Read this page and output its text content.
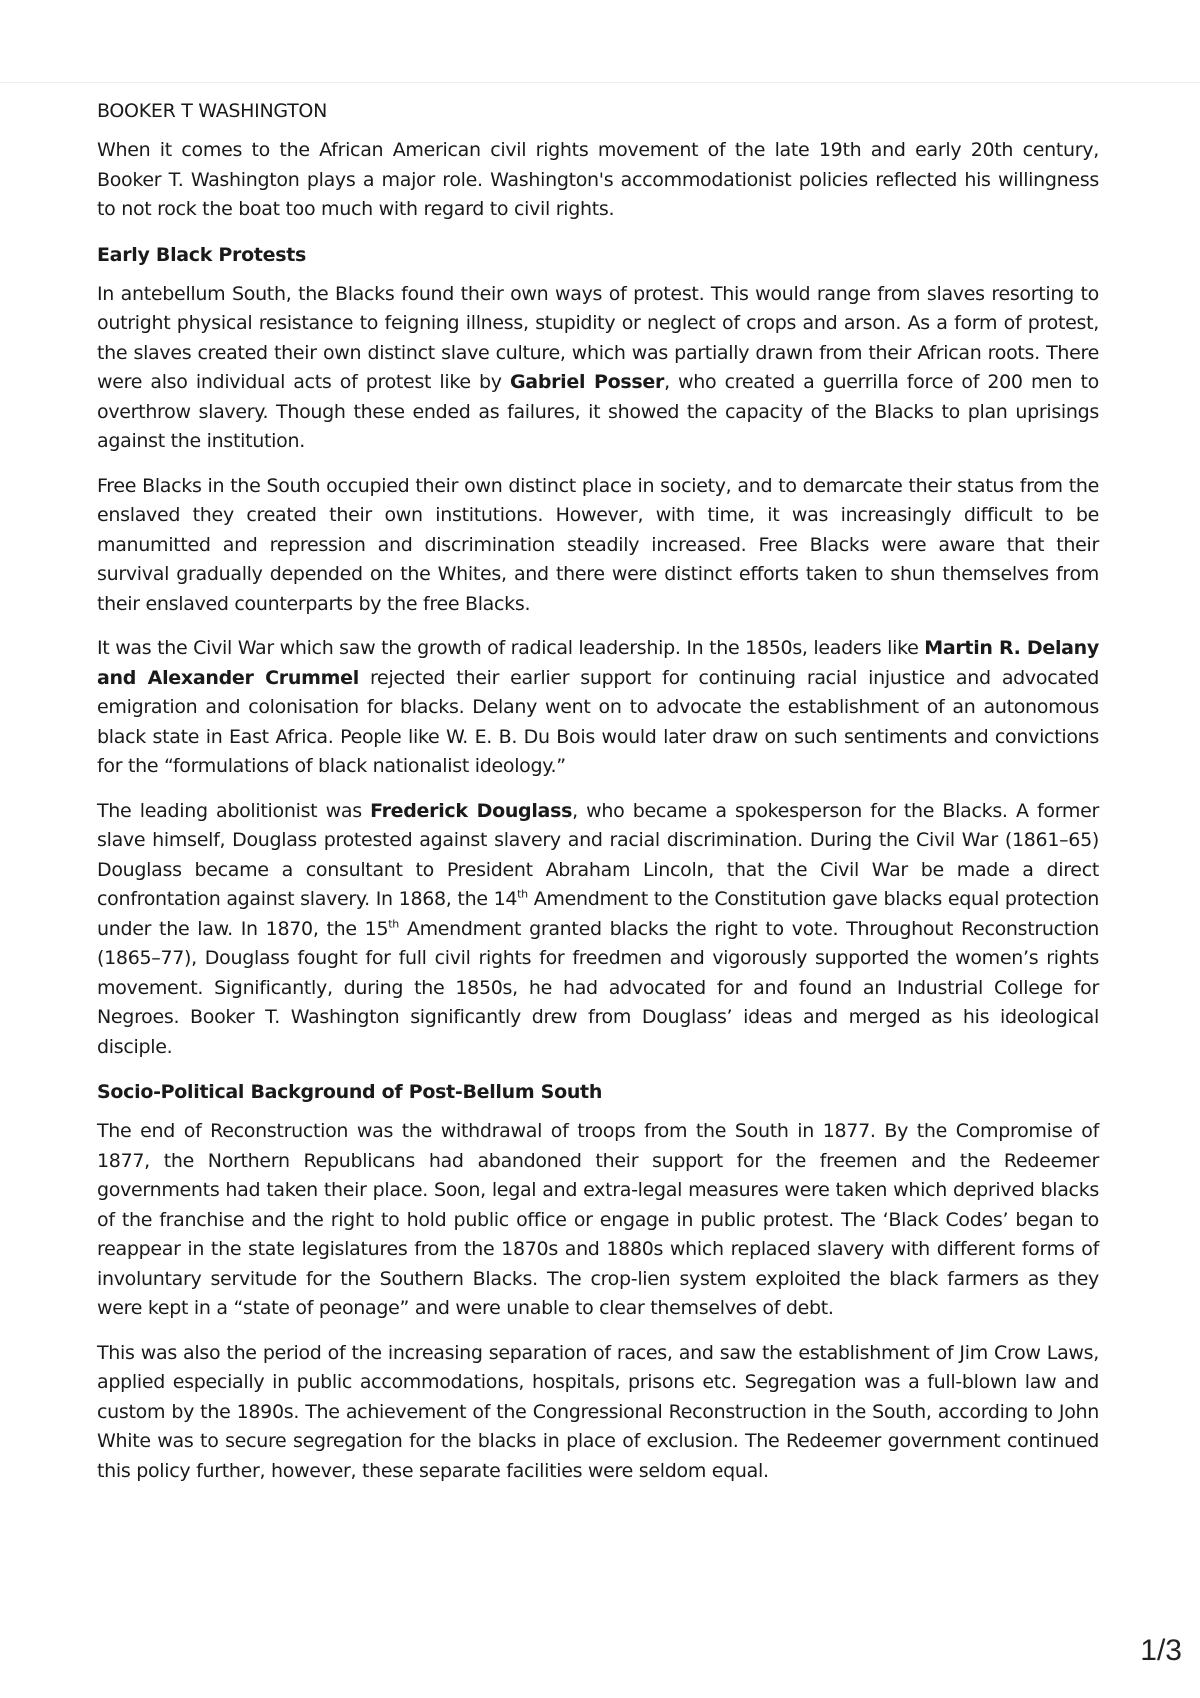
BOOKER T WASHINGTON

When it comes to the African American civil rights movement of the late 19th and early 20th century, Booker T. Washington plays a major role. Washington's accommodationist policies reflected his willingness to not rock the boat too much with regard to civil rights.

Early Black Protests

In antebellum South, the Blacks found their own ways of protest. This would range from slaves resorting to outright physical resistance to feigning illness, stupidity or neglect of crops and arson. As a form of protest, the slaves created their own distinct slave culture, which was partially drawn from their African roots. There were also individual acts of protest like by Gabriel Posser, who created a guerrilla force of 200 men to overthrow slavery. Though these ended as failures, it showed the capacity of the Blacks to plan uprisings against the institution.

Free Blacks in the South occupied their own distinct place in society, and to demarcate their status from the enslaved they created their own institutions. However, with time, it was increasingly difficult to be manumitted and repression and discrimination steadily increased. Free Blacks were aware that their survival gradually depended on the Whites, and there were distinct efforts taken to shun themselves from their enslaved counterparts by the free Blacks.

It was the Civil War which saw the growth of radical leadership. In the 1850s, leaders like Martin R. Delany and Alexander Crummel rejected their earlier support for continuing racial injustice and advocated emigration and colonisation for blacks. Delany went on to advocate the establishment of an autonomous black state in East Africa. People like W. E. B. Du Bois would later draw on such sentiments and convictions for the “formulations of black nationalist ideology.”

The leading abolitionist was Frederick Douglass, who became a spokesperson for the Blacks. A former slave himself, Douglass protested against slavery and racial discrimination. During the Civil War (1861–65) Douglass became a consultant to President Abraham Lincoln, that the Civil War be made a direct confrontation against slavery. In 1868, the 14th Amendment to the Constitution gave blacks equal protection under the law. In 1870, the 15th Amendment granted blacks the right to vote. Throughout Reconstruction (1865–77), Douglass fought for full civil rights for freedmen and vigorously supported the women’s rights movement. Significantly, during the 1850s, he had advocated for and found an Industrial College for Negroes. Booker T. Washington significantly drew from Douglass’ ideas and merged as his ideological disciple.

Socio-Political Background of Post-Bellum South

The end of Reconstruction was the withdrawal of troops from the South in 1877. By the Compromise of 1877, the Northern Republicans had abandoned their support for the freemen and the Redeemer governments had taken their place. Soon, legal and extra-legal measures were taken which deprived blacks of the franchise and the right to hold public office or engage in public protest. The ‘Black Codes’ began to reappear in the state legislatures from the 1870s and 1880s which replaced slavery with different forms of involuntary servitude for the Southern Blacks. The crop-lien system exploited the black farmers as they were kept in a “state of peonage” and were unable to clear themselves of debt.

This was also the period of the increasing separation of races, and saw the establishment of Jim Crow Laws, applied especially in public accommodations, hospitals, prisons etc. Segregation was a full-blown law and custom by the 1890s. The achievement of the Congressional Reconstruction in the South, according to John White was to secure segregation for the blacks in place of exclusion. The Redeemer government continued this policy further, however, these separate facilities were seldom equal.

1/3
